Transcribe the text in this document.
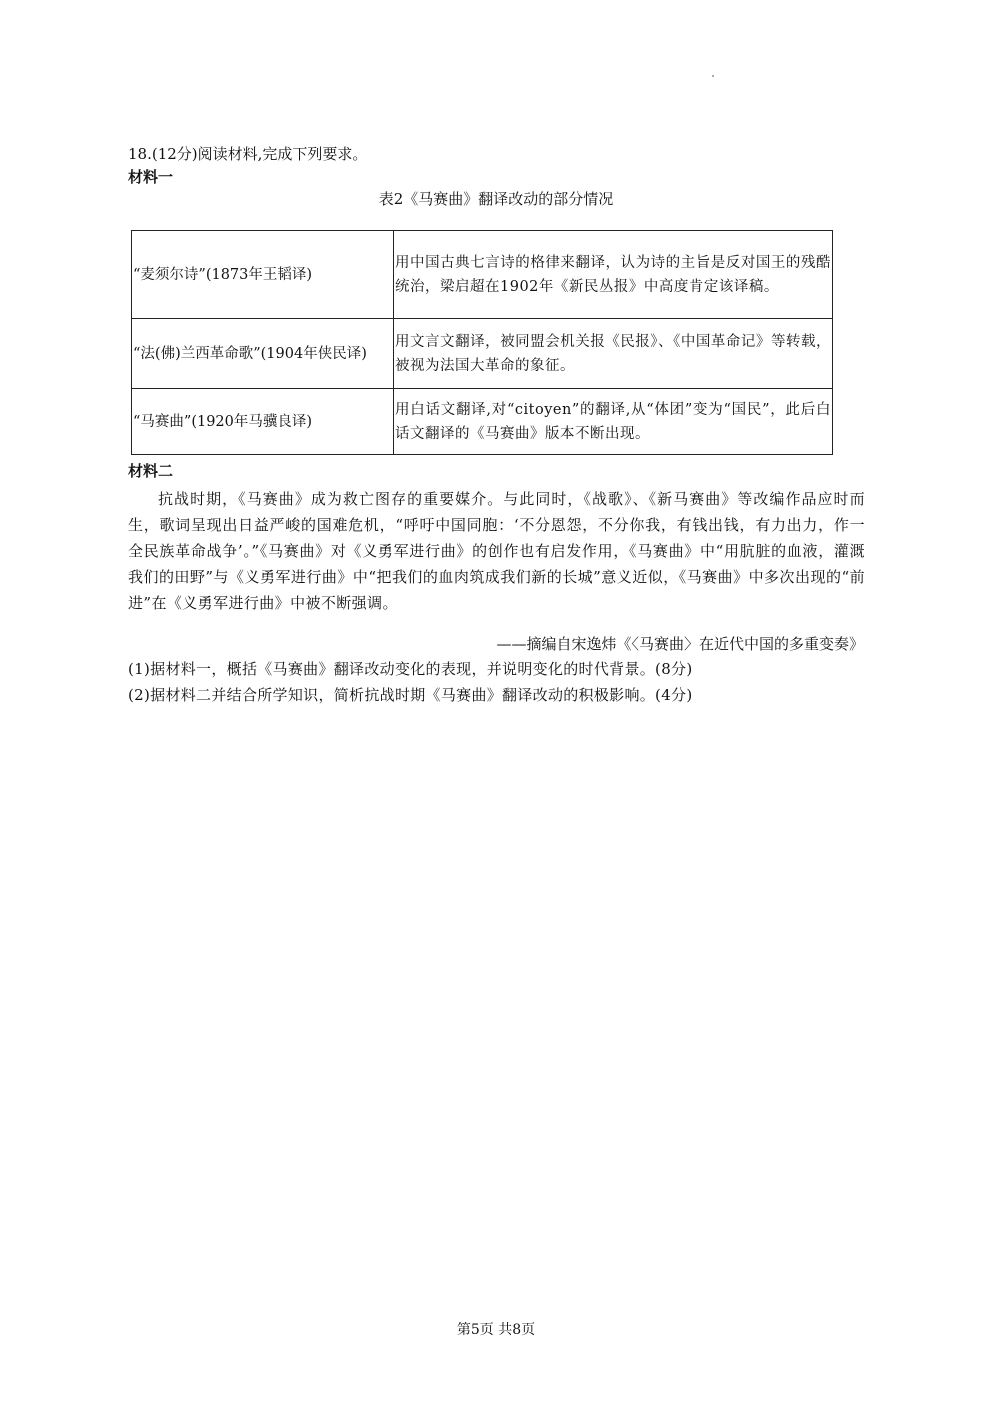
18.(12分)阅读材料,完成下列要求。
材料一
表2《马赛曲》翻译改动的部分情况
“麦须尔诗”(1873年王韬译)	用中国古典七言诗的格律来翻译，认为诗的主旨是反对国王的残酷统治，梁启超在1902年《新民丛报》中高度肯定该译稿。
“法(佛)兰西革命歌”(1904年侠民译)	用文言文翻译，被同盟会机关报《民报》、《中国革命记》等转载，被视为法国大革命的象征。
“马赛曲”(1920年马骥良译)	用白话文翻译,对“citoyen”的翻译,从“体团”变为“国民”，此后白话文翻译的《马赛曲》版本不断出现。
材料二

抗战时期，《马赛曲》成为救亡图存的重要媒介。与此同时，《战歌》、《新马赛曲》等改编作品应时而生，歌词呈现出日益严峻的国难危机，“呼吁中国同胞：‘不分恩怨，不分你我，有钱出钱，有力出力，作一全民族革命战争’。”《马赛曲》对《义勇军进行曲》的创作也有启发作用，《马赛曲》中“用肮脏的血液，灌溉我们的田野”与《义勇军进行曲》中“把我们的血肉筑成我们新的长城”意义近似，《马赛曲》中多次出现的“前进”在《义勇军进行曲》中被不断强调。

——摘编自宋逸炜《〈马赛曲〉在近代中国的多重变奏》
(1)据材料一，概括《马赛曲》翻译改动变化的表现，并说明变化的时代背景。(8分)
(2)据材料二并结合所学知识，简析抗战时期《马赛曲》翻译改动的积极影响。(4分)
第5页 共8页
